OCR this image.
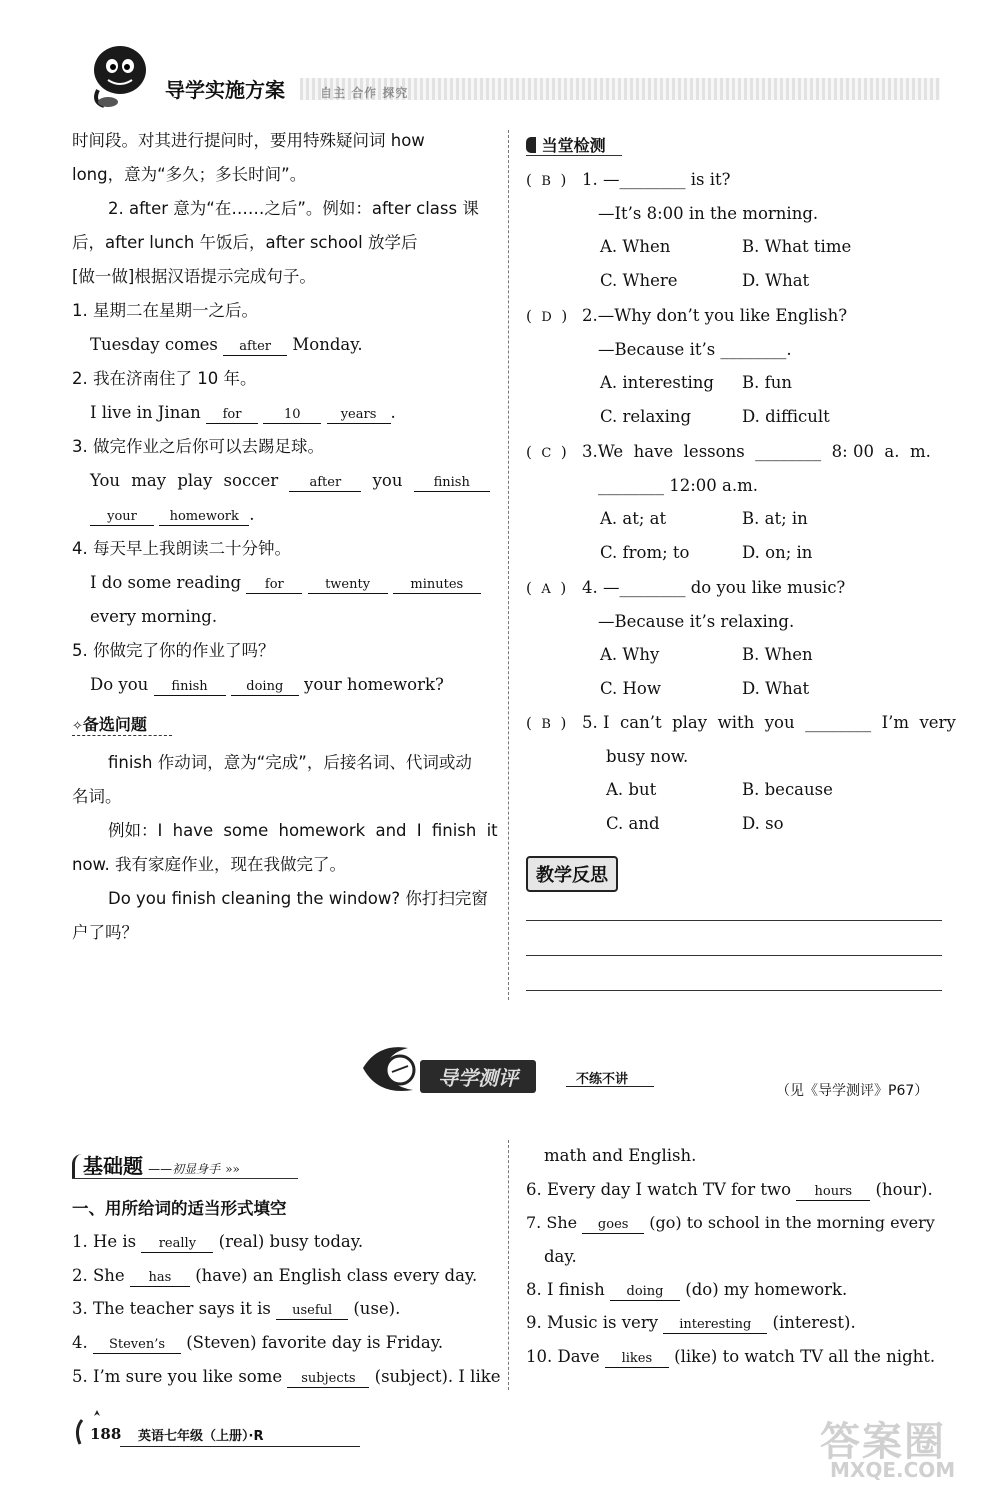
导学实施方案
时间段。对其进行提问时，要用特殊疑问词 how
long，意为“多久；多长时间”。
2. after 意为“在……之后”。例如：after class 课
后，after lunch 午饭后，after school 放学后
[做一做]根据汉语提示完成句子。
1. 星期二在星期一之后。
Tuesday comes after Monday.
2. 我在济南住了 10 年。
I live in Jinan for	10	years .
3. 做完作业之后你可以去踢足球。
You may play soccer after you finish
your	homework .
4. 每天早上我朗读二十分钟。
I do some reading for	twenty	minutes
every morning.
5. 你做完了你的作业了吗？
Do you finish	doing your homework?
✧备选问题
finish 作动词，意为“完成”，后接名词、代词或动
名词。
例如：I have some homework and I finish it
now. 我有家庭作业，现在我做完了。
Do you finish cleaning the window? 你打扫完窗
户了吗？
当堂检测
(  B  ) 1. —________ is it?
—It’s 8:00 in the morning.
A. When	B. What time
C. Where	D. What
(  D  ) 2.—Why don’t you like English?
—Because it’s ________.
A. interesting B. fun
C. relaxing	D. difficult
(  C  ) 3.We  have  lessons  ________  8: 00  a.  m.
________ 12:00 a.m.
A. at; at	B. at; in
C. from; to	D. on; in
(  A  ) 4. —________ do you like music?
—Because it’s relaxing.
A. Why	B. When
C. How	D. What
(  B  ) 5. I  can’t  play  with  you  ________  I’m  very
busy now.
A. but	B. because
C. and	D. so
教学反思
导学测评	不练不讲
（见《导学测评》P67）
基础题 ——初显身手 »»
一、用所给词的适当形式填空
1. He is really (real) busy today.
2. She has (have) an English class every day.
3. The teacher says it is useful (use).
4. Steven’s (Steven) favorite day is Friday.
5. I’m sure you like some subjects (subject). I like
math and English.
6. Every day I watch TV for two hours (hour).
7. She goes (go) to school in the morning every
day.
8. I finish doing (do) my homework.
9. Music is very interesting (interest).
10. Dave likes (like) to watch TV all the night.
188 英语七年级（上册）·R	答案圈
MXQE.COM
